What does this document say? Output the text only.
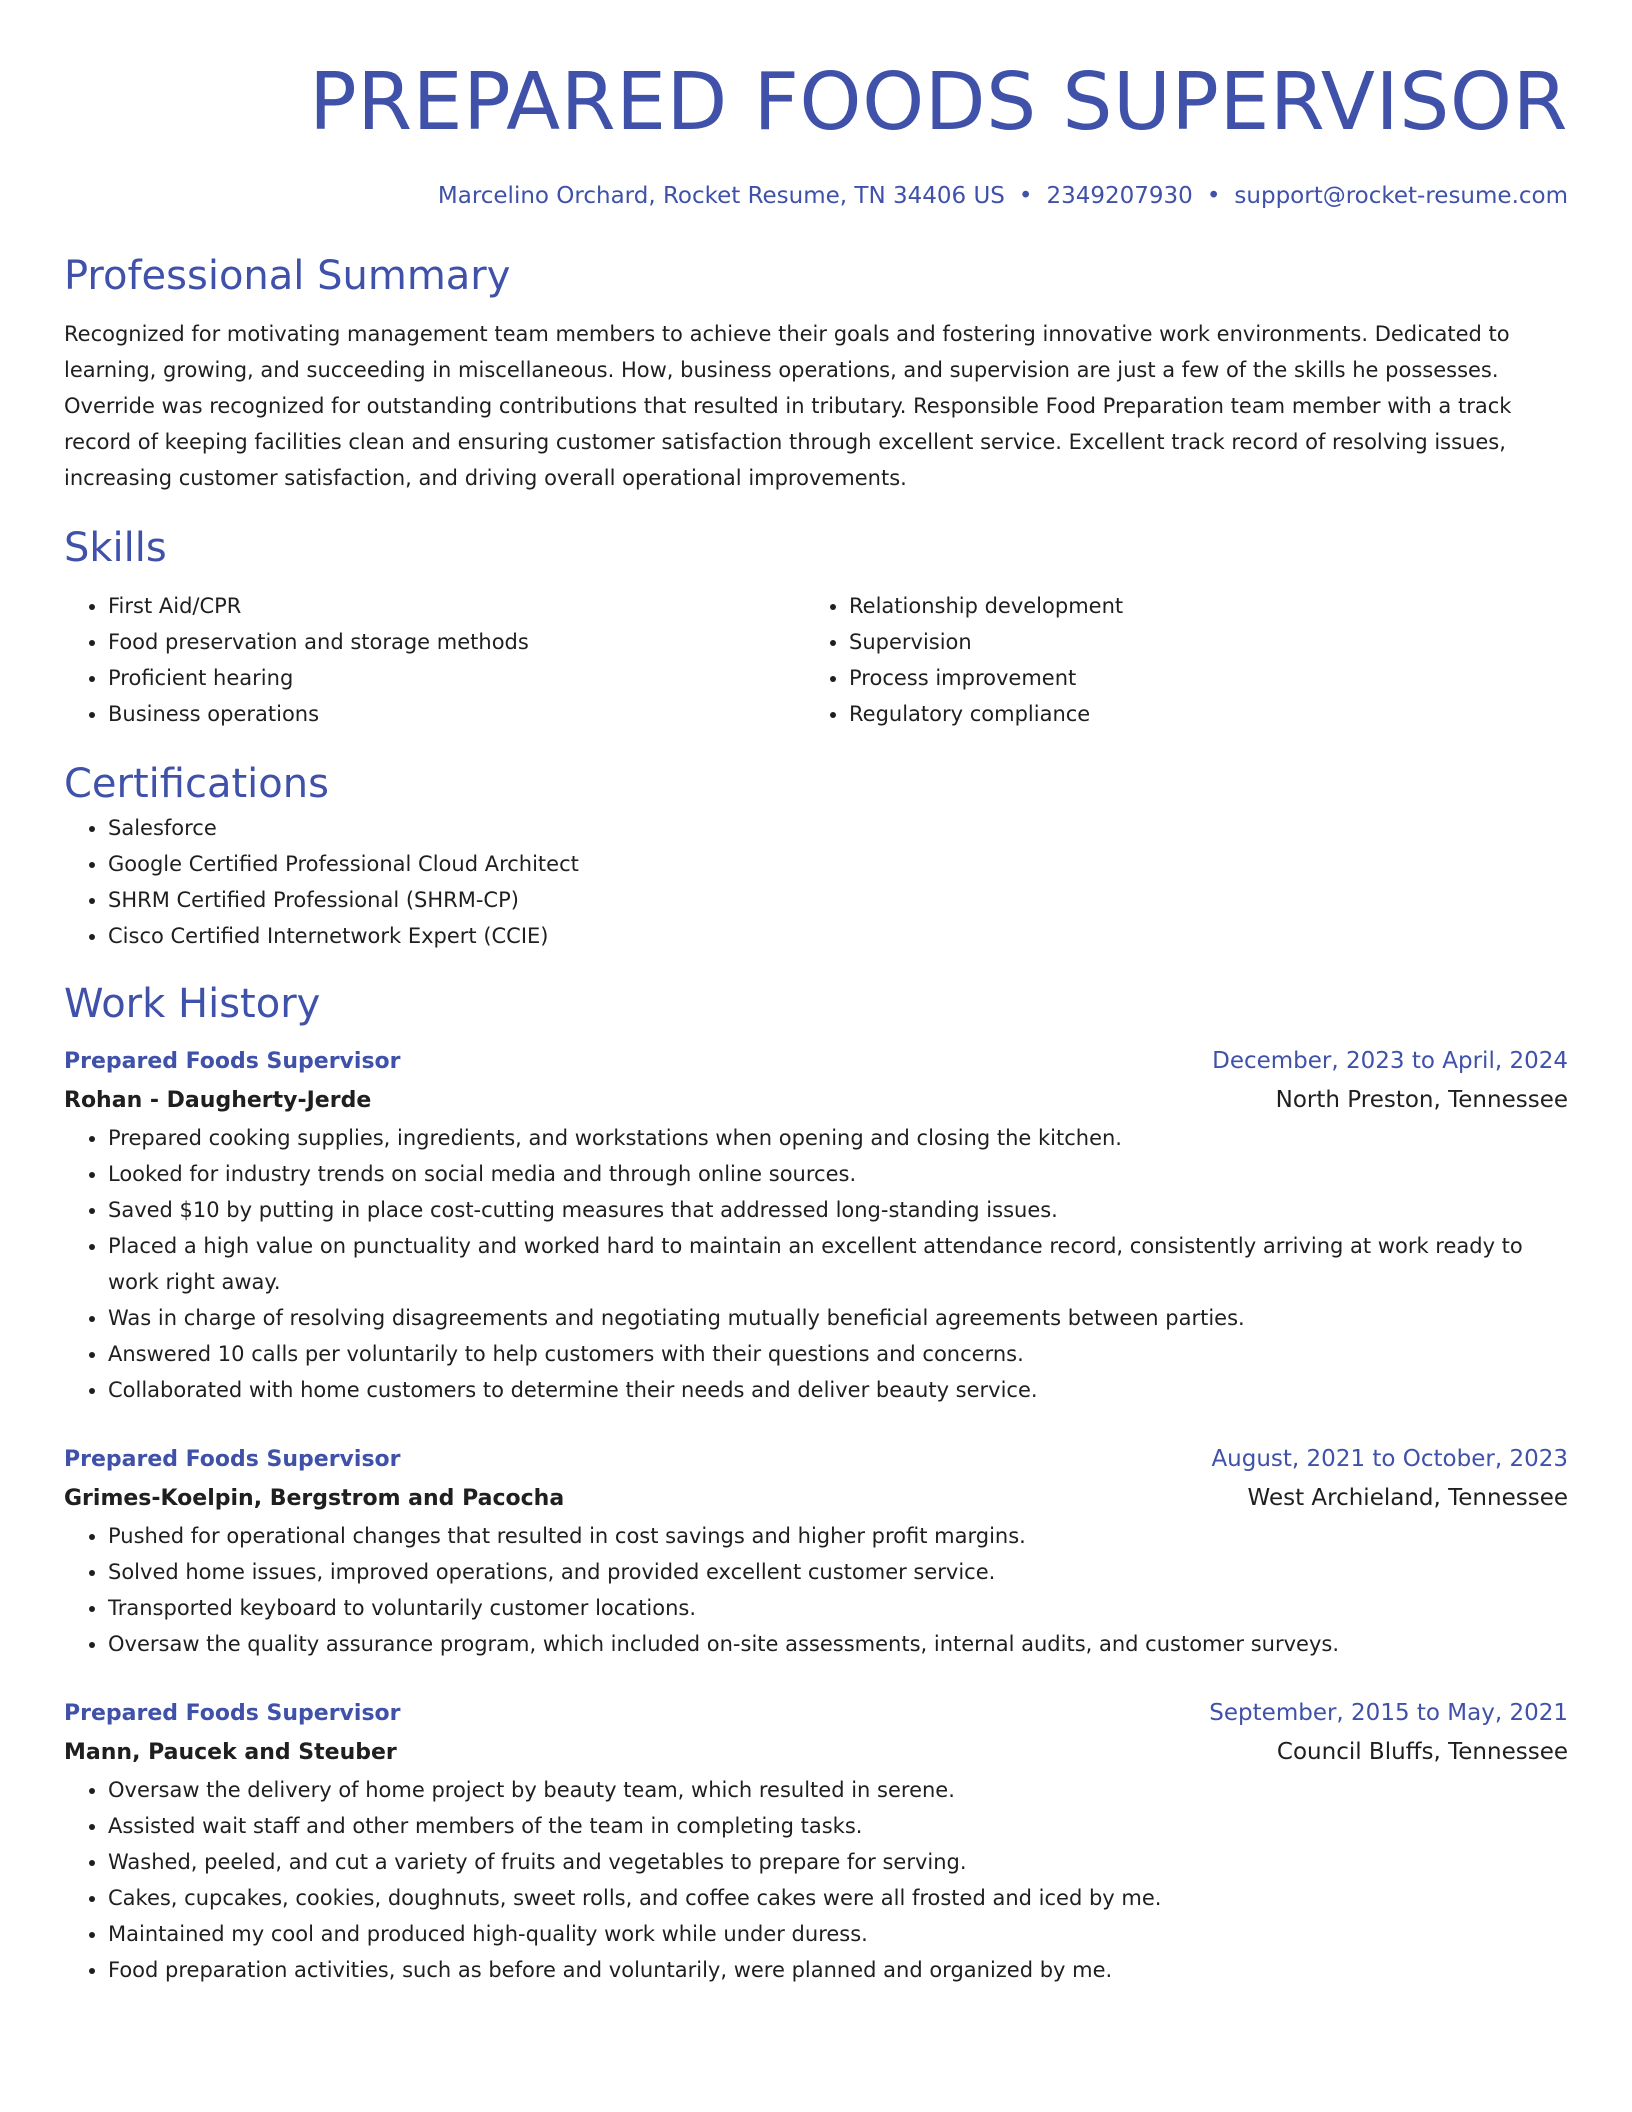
PREPARED FOODS SUPERVISOR
Marcelino Orchard, Rocket Resume, TN 34406 US • 2349207930 • support@rocket-resume.com
Professional Summary
Recognized for motivating management team members to achieve their goals and fostering innovative work environments. Dedicated to learning, growing, and succeeding in miscellaneous. How, business operations, and supervision are just a few of the skills he possesses. Override was recognized for outstanding contributions that resulted in tributary. Responsible Food Preparation team member with a track record of keeping facilities clean and ensuring customer satisfaction through excellent service. Excellent track record of resolving issues, increasing customer satisfaction, and driving overall operational improvements.
Skills
• First Aid/CPR
• Food preservation and storage methods
• Proficient hearing
• Business operations
• Relationship development
• Supervision
• Process improvement
• Regulatory compliance
Certifications
• Salesforce
• Google Certified Professional Cloud Architect
• SHRM Certified Professional (SHRM-CP)
• Cisco Certified Internetwork Expert (CCIE)
Work History
Prepared Foods Supervisor	December, 2023 to April, 2024
Rohan - Daugherty-Jerde	North Preston, Tennessee
• Prepared cooking supplies, ingredients, and workstations when opening and closing the kitchen.
• Looked for industry trends on social media and through online sources.
• Saved $10 by putting in place cost-cutting measures that addressed long-standing issues.
• Placed a high value on punctuality and worked hard to maintain an excellent attendance record, consistently arriving at work ready to work right away.
• Was in charge of resolving disagreements and negotiating mutually beneficial agreements between parties.
• Answered 10 calls per voluntarily to help customers with their questions and concerns.
• Collaborated with home customers to determine their needs and deliver beauty service.
Prepared Foods Supervisor	August, 2021 to October, 2023
Grimes-Koelpin, Bergstrom and Pacocha	West Archieland, Tennessee
• Pushed for operational changes that resulted in cost savings and higher profit margins.
• Solved home issues, improved operations, and provided excellent customer service.
• Transported keyboard to voluntarily customer locations.
• Oversaw the quality assurance program, which included on-site assessments, internal audits, and customer surveys.
Prepared Foods Supervisor	September, 2015 to May, 2021
Mann, Paucek and Steuber	Council Bluffs, Tennessee
• Oversaw the delivery of home project by beauty team, which resulted in serene.
• Assisted wait staff and other members of the team in completing tasks.
• Washed, peeled, and cut a variety of fruits and vegetables to prepare for serving.
• Cakes, cupcakes, cookies, doughnuts, sweet rolls, and coffee cakes were all frosted and iced by me.
• Maintained my cool and produced high-quality work while under duress.
• Food preparation activities, such as before and voluntarily, were planned and organized by me.
